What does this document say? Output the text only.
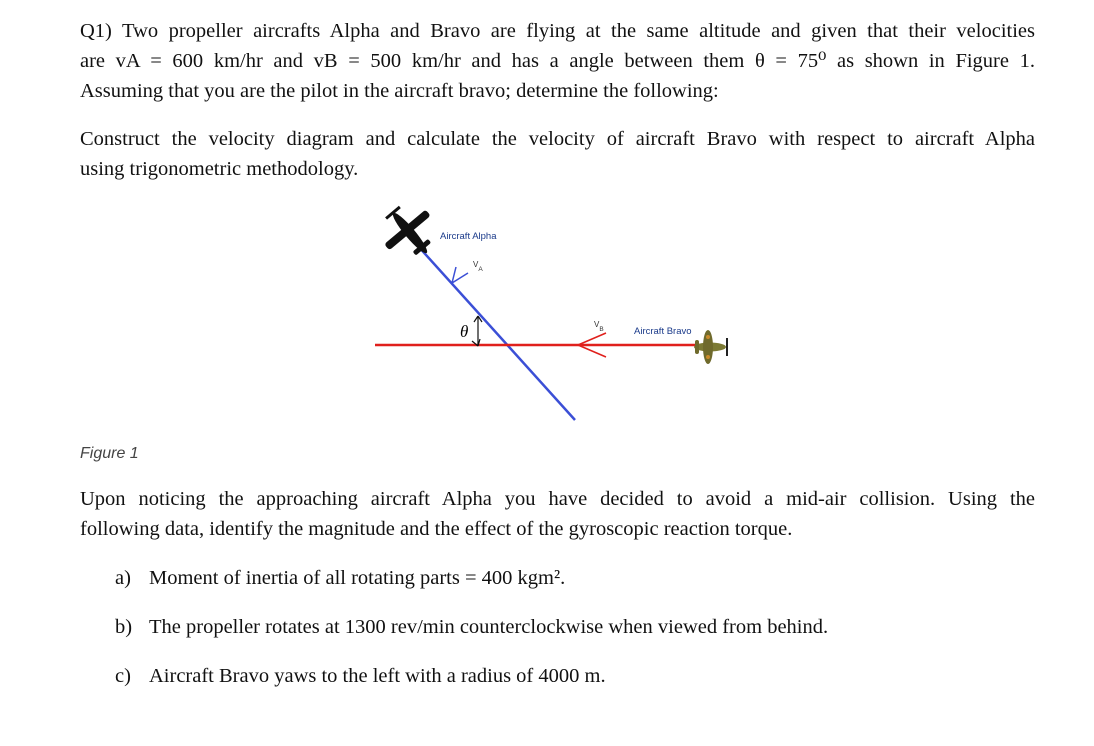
Q1) Two propeller aircrafts Alpha and Bravo are flying at the same altitude and given that their velocities
are vA = 600 km/hr and vB = 500 km/hr and has a angle between them θ = 75⁰ as shown in Figure 1.
Assuming that you are the pilot in the aircraft bravo; determine the following:
Construct the velocity diagram and calculate the velocity of aircraft Bravo with respect to aircraft Alpha
using trigonometric methodology.
θ
Aircraft Alpha
$V_A$
$V_B$	Aircraft Bravo
Figure 1
Upon noticing the approaching aircraft Alpha you have decided to avoid a mid-air collision. Using the
following data, identify the magnitude and the effect of the gyroscopic reaction torque.
a) Moment of inertia of all rotating parts = 400 kgm².
b) The propeller rotates at 1300 rev/min counterclockwise when viewed from behind.
c) Aircraft Bravo yaws to the left with a radius of 4000 m.
